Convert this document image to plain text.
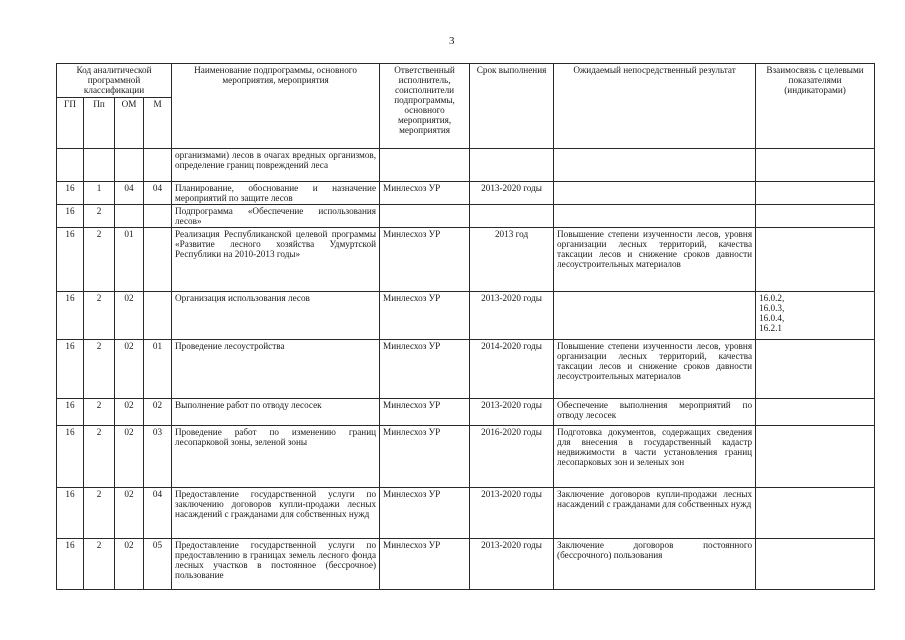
3
Код аналитической программной классификации				Наименование подпрограммы, основного мероприятия, мероприятия	Ответственный исполнитель, соисполнители подпрограммы, основного мероприятия, мероприятия	Срок выполнения	Ожидаемый непосредственный результат	Взаимосвязь с целевыми показателями (индикаторами)
ГП	Пп	ОМ	М					
				организмами) лесов в очагах вредных организмов, определение границ повреждений леса				
16	1	04	04	Планирование, обоснование и назначение мероприятий по защите лесов	Минлесхоз УР	2013-2020 годы		
16	2			Подпрограмма «Обеспечение использования лесов»				
16	2	01		Реализация Республиканской целевой программы «Развитие лесного хозяйства Удмуртской Республики на 2010-2013 годы»	Минлесхоз УР	2013 год	Повышение степени изученности лесов, уровня организации лесных территорий, качества таксации лесов и снижение сроков давности лесоустроительных материалов	
16	2	02		Организация использования лесов	Минлесхоз УР	2013-2020 годы		16.0.2,
16.0.3,
16.0.4,
16.2.1

16	2	02	01	Проведение лесоустройства	Минлесхоз УР	2014-2020 годы	Повышение степени изученности лесов, уровня организации лесных территорий, качества таксации лесов и снижение сроков давности лесоустроительных материалов	
16	2	02	02	Выполнение работ по отводу лесосек	Минлесхоз УР	2013-2020 годы	Обеспечение выполнения мероприятий по отводу лесосек	
16	2	02	03	Проведение работ по изменению границ лесопарковой зоны, зеленой зоны	Минлесхоз УР	2016-2020 годы	Подготовка документов, содержащих сведения для внесения в государственный кадастр недвижимости в части установления границ лесопарковых зон и зеленых зон	
16	2	02	04	Предоставление государственной услуги по заключению договоров купли-продажи лесных насаждений с гражданами для собственных нужд	Минлесхоз УР	2013-2020 годы	Заключение договоров купли-продажи лесных насаждений с гражданами для собственных нужд	
16	2	02	05	Предоставление государственной услуги по предоставлению в границах земель лесного фонда лесных участков в постоянное (бессрочное) пользование	Минлесхоз УР	2013-2020 годы	Заключение договоров постоянного (бессрочного) пользования	
